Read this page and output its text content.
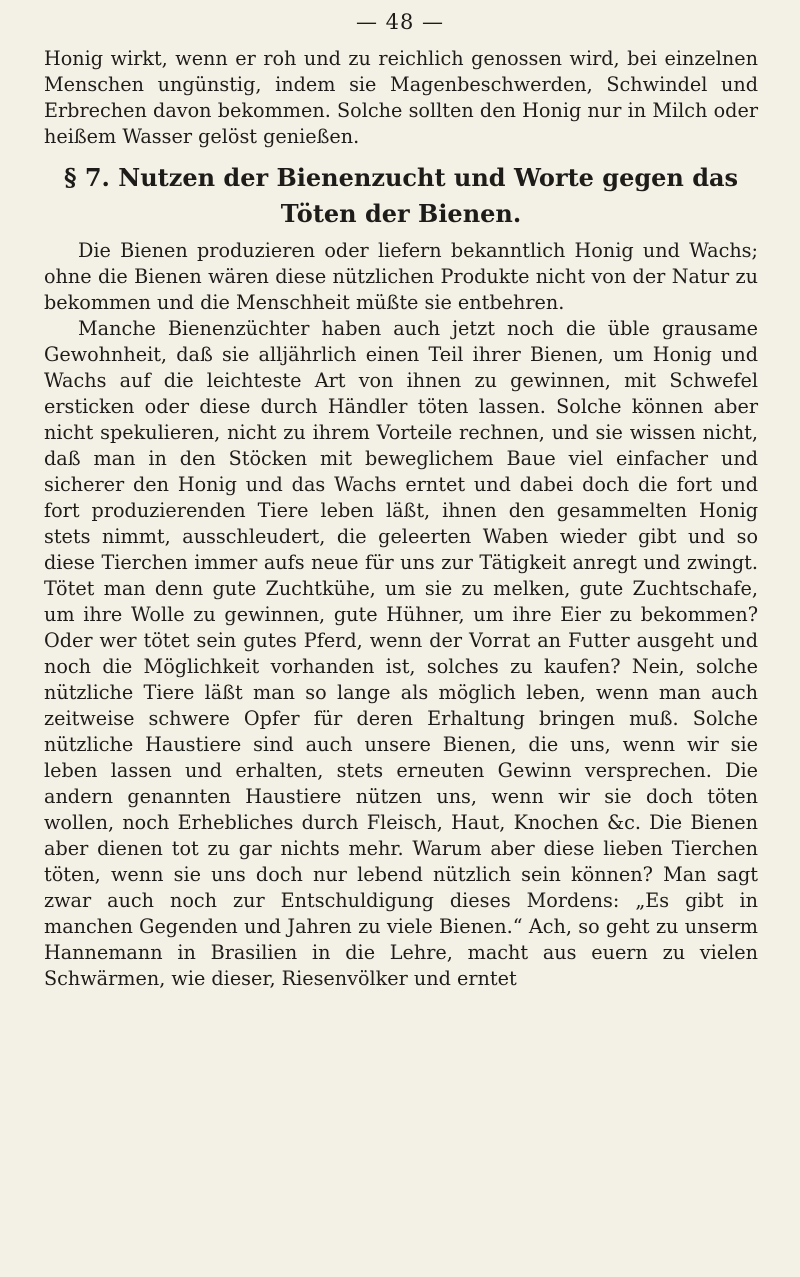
— 48 —

Honig wirkt, wenn er roh und zu reichlich genossen wird, bei einzelnen Menschen ungünstig, indem sie Magenbeschwerden, Schwindel und Erbrechen davon bekommen. Solche sollten den Honig nur in Milch oder heißem Wasser gelöst genießen.

§ 7. Nutzen der Bienenzucht und Worte gegen das
Töten der Bienen.

Die Bienen produzieren oder liefern bekanntlich Honig und Wachs; ohne die Bienen wären diese nützlichen Produkte nicht von der Natur zu bekommen und die Menschheit müßte sie entbehren.

Manche Bienenzüchter haben auch jetzt noch die üble grausame Gewohnheit, daß sie alljährlich einen Teil ihrer Bienen, um Honig und Wachs auf die leichteste Art von ihnen zu gewinnen, mit Schwefel ersticken oder diese durch Händler töten lassen. Solche können aber nicht spekulieren, nicht zu ihrem Vorteile rechnen, und sie wissen nicht, daß man in den Stöcken mit beweglichem Baue viel einfacher und sicherer den Honig und das Wachs erntet und dabei doch die fort und fort produzierenden Tiere leben läßt, ihnen den gesammelten Honig stets nimmt, ausschleudert, die geleerten Waben wieder gibt und so diese Tierchen immer aufs neue für uns zur Tätigkeit anregt und zwingt. Tötet man denn gute Zuchtkühe, um sie zu melken, gute Zuchtschafe, um ihre Wolle zu gewinnen, gute Hühner, um ihre Eier zu bekommen? Oder wer tötet sein gutes Pferd, wenn der Vorrat an Futter ausgeht und noch die Möglichkeit vorhanden ist, solches zu kaufen? Nein, solche nützliche Tiere läßt man so lange als möglich leben, wenn man auch zeitweise schwere Opfer für deren Erhaltung bringen muß. Solche nützliche Haustiere sind auch unsere Bienen, die uns, wenn wir sie leben lassen und erhalten, stets erneuten Gewinn versprechen. Die andern genannten Haustiere nützen uns, wenn wir sie doch töten wollen, noch Erhebliches durch Fleisch, Haut, Knochen &c. Die Bienen aber dienen tot zu gar nichts mehr. Warum aber diese lieben Tierchen töten, wenn sie uns doch nur lebend nützlich sein können? Man sagt zwar auch noch zur Entschuldigung dieses Mordens: „Es gibt in manchen Gegenden und Jahren zu viele Bienen.“ Ach, so geht zu unserm Hannemann in Brasilien in die Lehre, macht aus euern zu vielen Schwärmen, wie dieser, Riesenvölker und erntet
